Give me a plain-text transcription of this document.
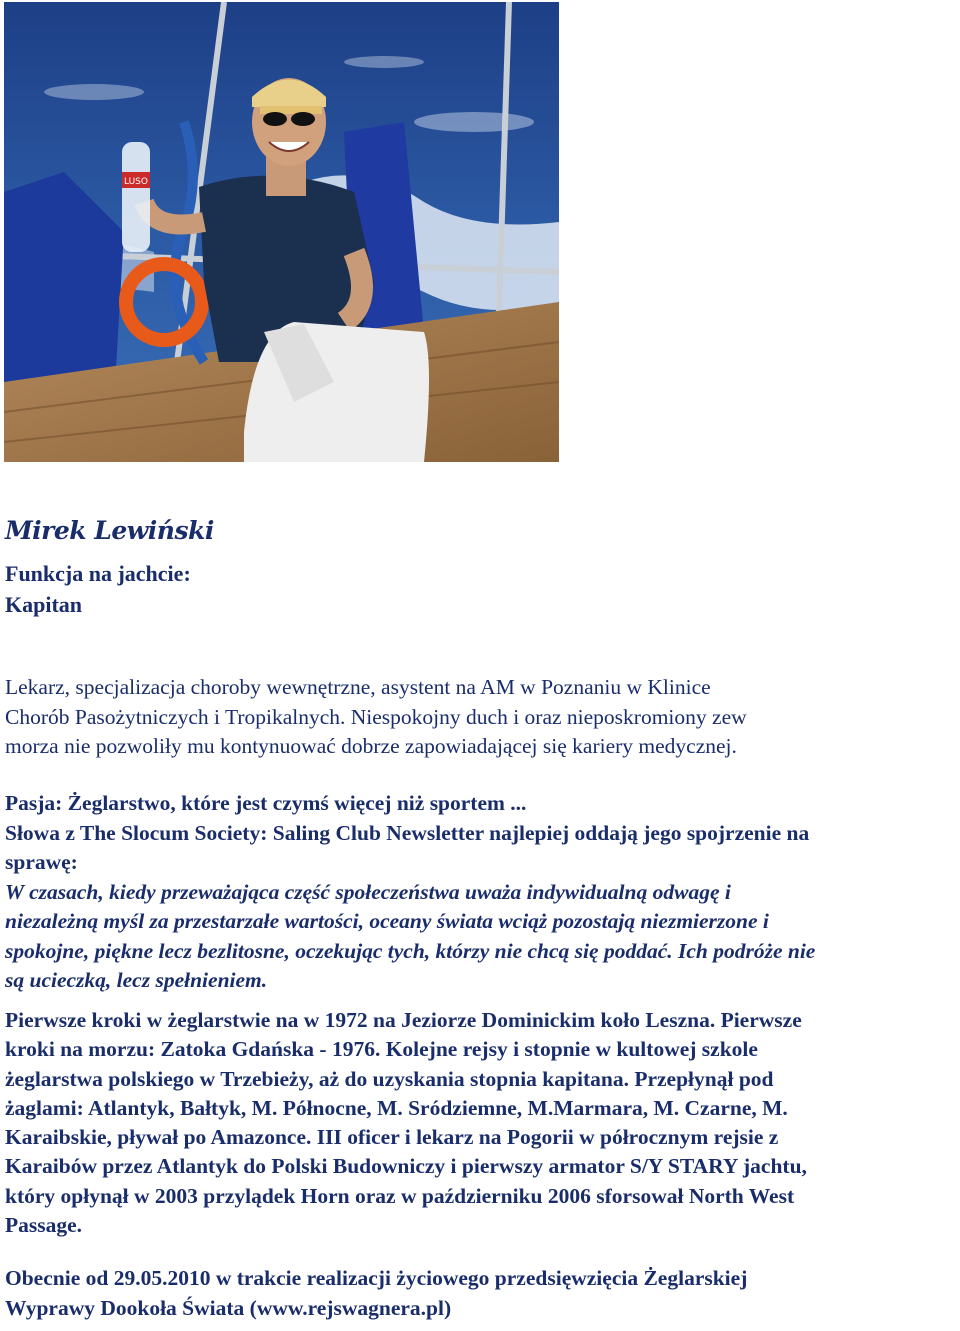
LUSO
Mirek Lewiński
Funkcja na jachcie:
Kapitan
Lekarz, specjalizacja choroby wewnętrzne, asystent na AM w Poznaniu w Klinice
Chorób Pasożytniczych i Tropikalnych. Niespokojny duch i oraz nieposkromiony zew
morza nie pozwoliły mu kontynuować dobrze zapowiadającej się kariery medycznej.
Pasja: Żeglarstwo, które jest czymś więcej niż sportem ...
Słowa z The Slocum Society: Saling Club Newsletter najlepiej oddają jego spojrzenie na
sprawę:
W czasach, kiedy przeważająca część społeczeństwa uważa indywidualną odwagę i
niezależną myśl za przestarzałe wartości, oceany świata wciąż pozostają niezmierzone i
spokojne, piękne lecz bezlitosne, oczekując tych, którzy nie chcą się poddać. Ich podróże nie
są ucieczką, lecz spełnieniem.
Pierwsze kroki w żeglarstwie na w 1972 na Jeziorze Dominickim koło Leszna. Pierwsze
kroki na morzu: Zatoka Gdańska - 1976. Kolejne rejsy i stopnie w kultowej szkole
żeglarstwa polskiego w Trzebieży, aż do uzyskania stopnia kapitana. Przepłynął pod
żaglami: Atlantyk, Bałtyk, M. Północne, M. Sródziemne, M.Marmara, M. Czarne, M.
Karaibskie, pływał po Amazonce. III oficer i lekarz na Pogorii w półrocznym rejsie z
Karaibów przez Atlantyk do Polski Budowniczy i pierwszy armator S/Y STARY jachtu,
który opłynął w 2003 przylądek Horn oraz w październiku 2006 sforsował North West
Passage.
Obecnie od 29.05.2010 w trakcie realizacji życiowego przedsięwzięcia Żeglarskiej
Wyprawy Dookoła Świata (www.rejswagnera.pl)
